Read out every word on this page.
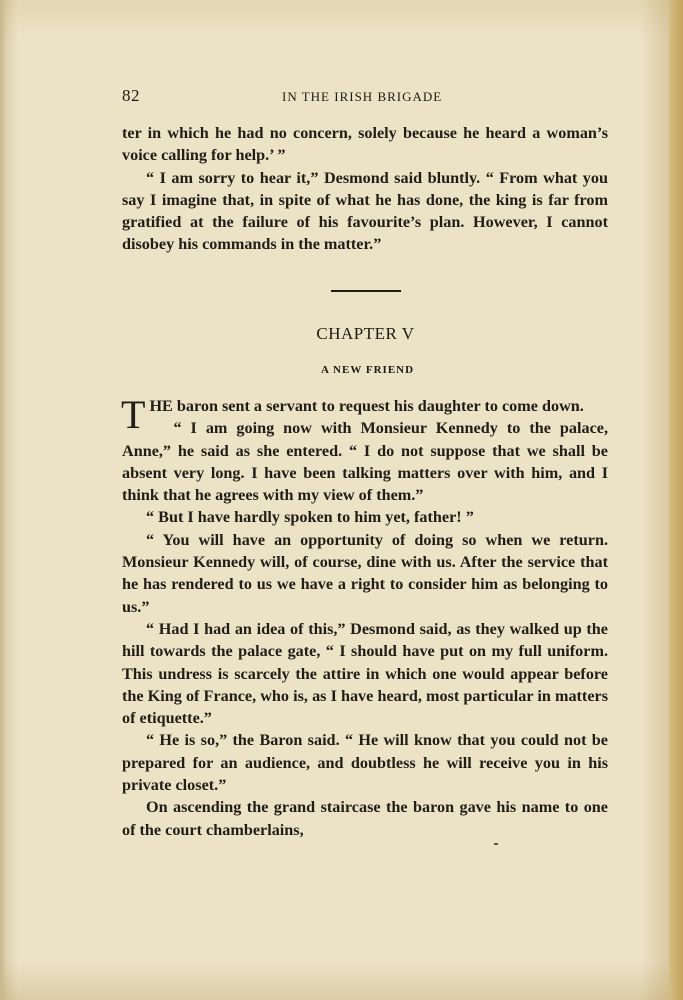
82	IN THE IRISH BRIGADE

ter in which he had no concern, solely because he heard a woman’s voice calling for help.’ ”

“ I am sorry to hear it,” Desmond said bluntly. “ From what you say I imagine that, in spite of what he has done, the king is far from gratified at the failure of his favourite’s plan. However, I cannot disobey his commands in the matter.”

CHAPTER V
A NEW FRIEND

T HE baron sent a servant to request his daughter to come down.

“ I am going now with Monsieur Kennedy to the palace, Anne,” he said as she entered. “ I do not suppose that we shall be absent very long. I have been talking matters over with him, and I think that he agrees with my view of them.”

“ But I have hardly spoken to him yet, father! ”

“ You will have an opportunity of doing so when we return. Monsieur Kennedy will, of course, dine with us. After the service that he has rendered to us we have a right to consider him as belonging to us.”

“ Had I had an idea of this,” Desmond said, as they walked up the hill towards the palace gate, “ I should have put on my full uniform. This undress is scarcely the attire in which one would appear before the King of France, who is, as I have heard, most particular in matters of etiquette.”

“ He is so,” the Baron said. “ He will know that you could not be prepared for an audience, and doubtless he will receive you in his private closet.”

On ascending the grand staircase the baron gave his name to one of the court chamberlains,
